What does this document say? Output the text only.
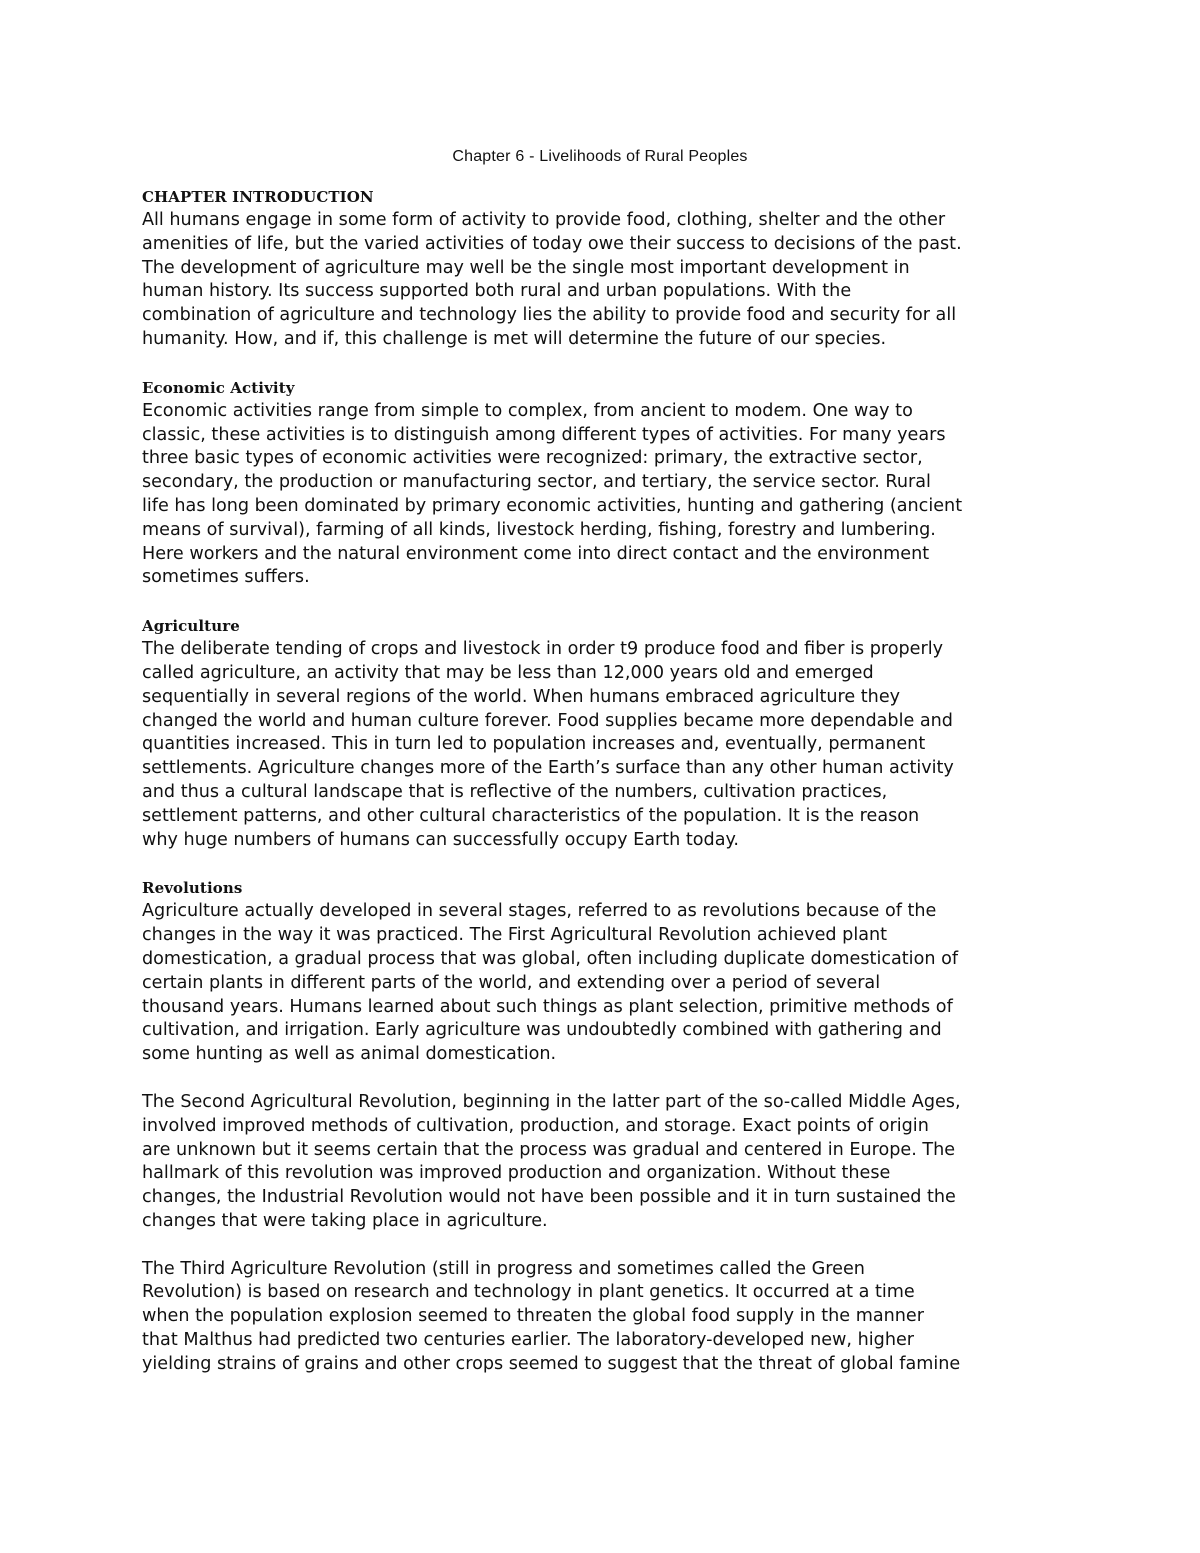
Chapter 6 - Livelihoods of Rural Peoples
CHAPTER INTRODUCTION

All humans engage in some form of activity to provide food, clothing, shelter and the other
amenities of life, but the varied activities of today owe their success to decisions of the past.
The development of agriculture may well be the single most important development in
human history. Its success supported both rural and urban populations. With the
combination of agriculture and technology lies the ability to provide food and security for all
humanity. How, and if, this challenge is met will determine the future of our species.

Economic Activity

Economic activities range from simple to complex, from ancient to modem. One way to
classic, these activities is to distinguish among different types of activities. For many years
three basic types of economic activities were recognized: primary, the extractive sector,
secondary, the production or manufacturing sector, and tertiary, the service sector. Rural
life has long been dominated by primary economic activities, hunting and gathering (ancient
means of survival), farming of all kinds, livestock herding, fishing, forestry and lumbering.
Here workers and the natural environment come into direct contact and the environment
sometimes suffers.

Agriculture

The deliberate tending of crops and livestock in order t9 produce food and fiber is properly
called agriculture, an activity that may be less than 12,000 years old and emerged
sequentially in several regions of the world. When humans embraced agriculture they
changed the world and human culture forever. Food supplies became more dependable and
quantities increased. This in turn led to population increases and, eventually, permanent
settlements. Agriculture changes more of the Earth’s surface than any other human activity
and thus a cultural landscape that is reflective of the numbers, cultivation practices,
settlement patterns, and other cultural characteristics of the population. It is the reason
why huge numbers of humans can successfully occupy Earth today.

Revolutions

Agriculture actually developed in several stages, referred to as revolutions because of the
changes in the way it was practiced. The First Agricultural Revolution achieved plant
domestication, a gradual process that was global, often including duplicate domestication of
certain plants in different parts of the world, and extending over a period of several
thousand years. Humans learned about such things as plant selection, primitive methods of
cultivation, and irrigation. Early agriculture was undoubtedly combined with gathering and
some hunting as well as animal domestication.

The Second Agricultural Revolution, beginning in the latter part of the so-called Middle Ages,
involved improved methods of cultivation, production, and storage. Exact points of origin
are unknown but it seems certain that the process was gradual and centered in Europe. The
hallmark of this revolution was improved production and organization. Without these
changes, the Industrial Revolution would not have been possible and it in turn sustained the
changes that were taking place in agriculture.

The Third Agriculture Revolution (still in progress and sometimes called the Green
Revolution) is based on research and technology in plant genetics. It occurred at a time
when the population explosion seemed to threaten the global food supply in the manner
that Malthus had predicted two centuries earlier. The laboratory-developed new, higher
yielding strains of grains and other crops seemed to suggest that the threat of global famine
